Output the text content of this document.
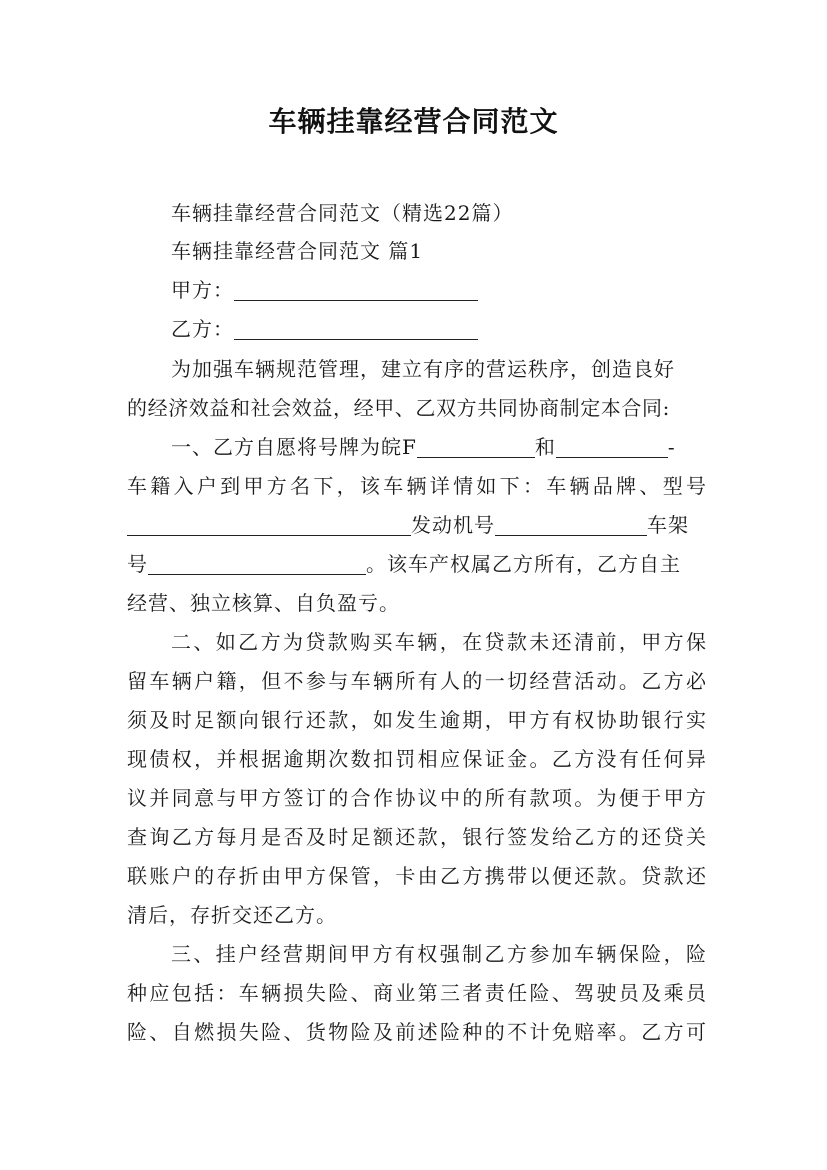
车辆挂靠经营合同范文
车辆挂靠经营合同范文（精选22篇）
车辆挂靠经营合同范文 篇1
甲方：
乙方：
为加强车辆规范管理，建立有序的营运秩序，创造良好
的经济效益和社会效益，经甲、乙双方共同协商制定本合同:
一、乙方自愿将号牌为皖F	和	-
车籍入户到甲方名下，该车辆详情如下：车辆品牌、型号
发动机号	车架
号	。该车产权属乙方所有，乙方自主
经营、独立核算、自负盈亏。
二、如乙方为贷款购买车辆，在贷款未还清前，甲方保
留车辆户籍，但不参与车辆所有人的一切经营活动。乙方必
须及时足额向银行还款，如发生逾期，甲方有权协助银行实
现债权，并根据逾期次数扣罚相应保证金。乙方没有任何异
议并同意与甲方签订的合作协议中的所有款项。为便于甲方
查询乙方每月是否及时足额还款，银行签发给乙方的还贷关
联账户的存折由甲方保管，卡由乙方携带以便还款。贷款还
清后，存折交还乙方。
三、挂户经营期间甲方有权强制乙方参加车辆保险，险
种应包括：车辆损失险、商业第三者责任险、驾驶员及乘员
险、自燃损失险、货物险及前述险种的不计免赔率。乙方可
